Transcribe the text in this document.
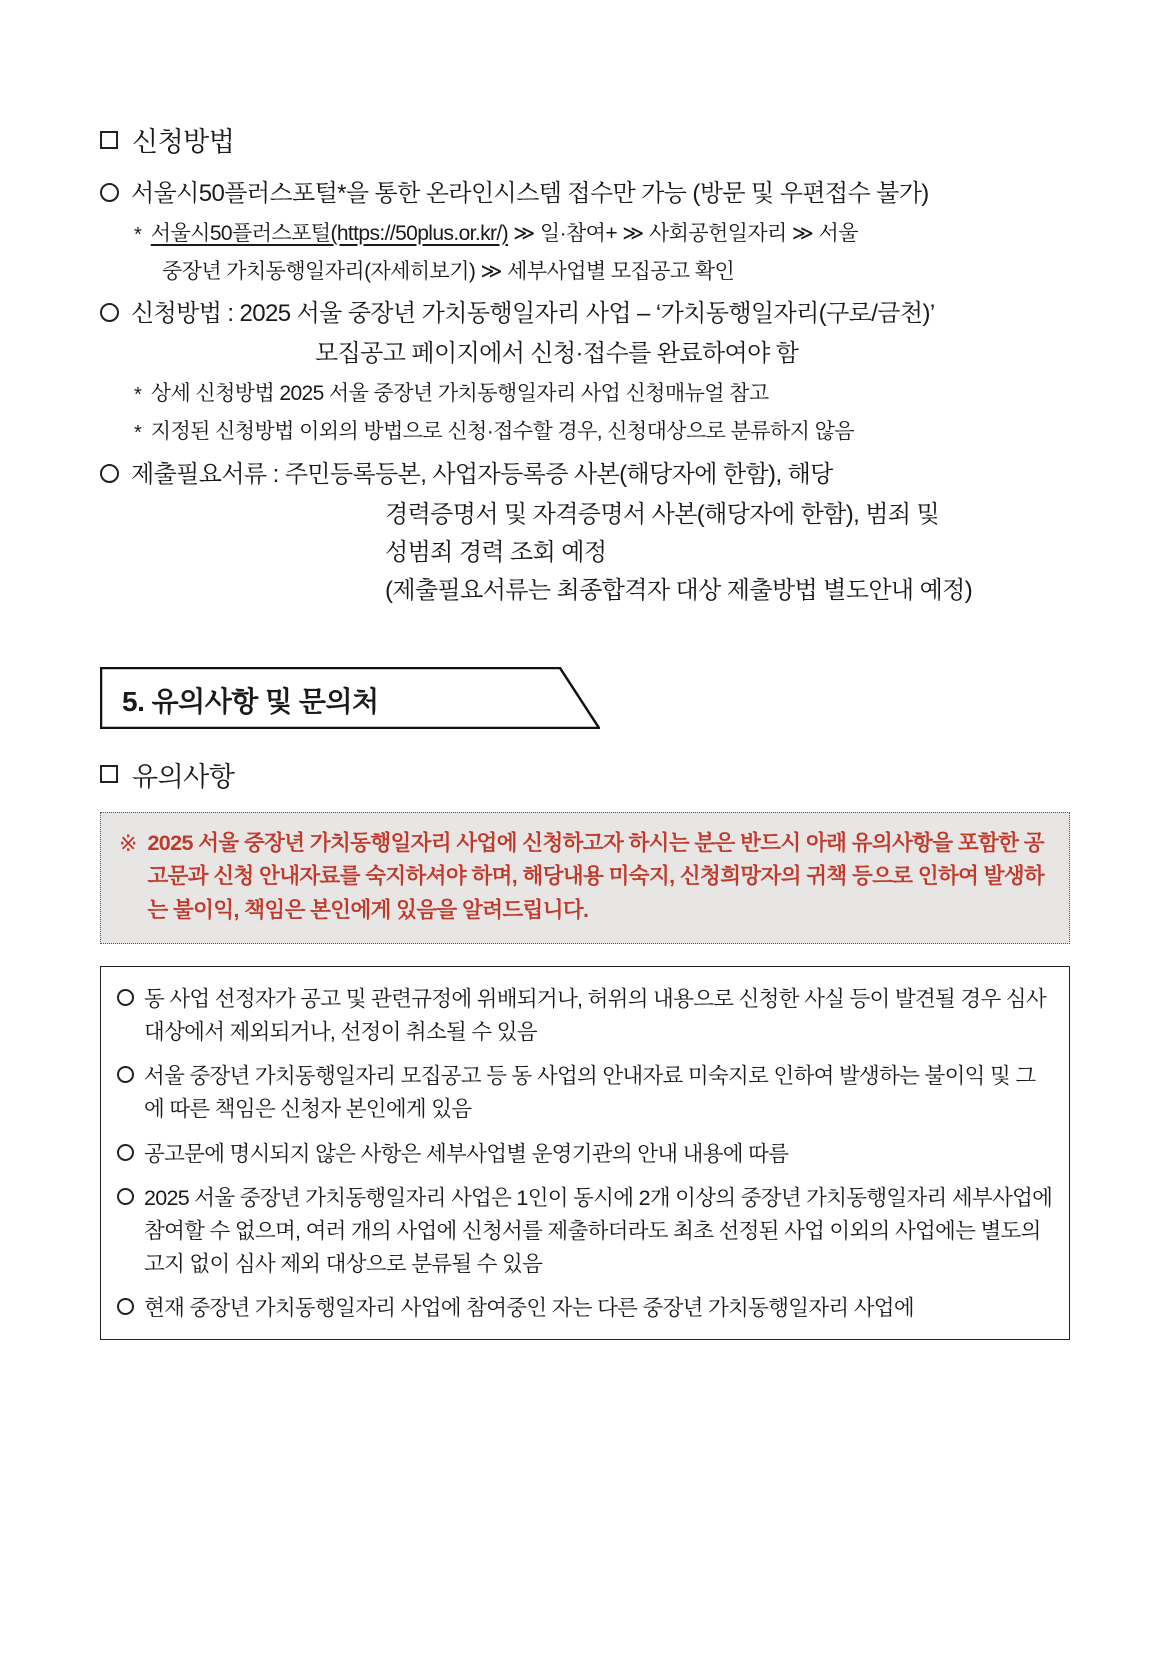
신청방법
서울시50플러스포털*을 통한 온라인시스템 접수만 가능 (방문 및 우편접수 불가)
* 서울시50플러스포털(https://50plus.or.kr/) ≫ 일·참여+ ≫ 사회공헌일자리 ≫ 서울
중장년 가치동행일자리(자세히보기) ≫ 세부사업별 모집공고 확인
신청방법 : 2025 서울 중장년 가치동행일자리 사업 – ‘가치동행일자리(구로/금천)’
모집공고 페이지에서 신청·접수를 완료하여야 함
* 상세 신청방법 2025 서울 중장년 가치동행일자리 사업 신청매뉴얼 참고
* 지정된 신청방법 이외의 방법으로 신청·접수할 경우, 신청대상으로 분류하지 않음
제출필요서류 : 주민등록등본, 사업자등록증 사본(해당자에 한함), 해당
경력증명서 및 자격증명서 사본(해당자에 한함), 범죄 및
성범죄 경력 조회 예정
(제출필요서류는 최종합격자 대상 제출방법 별도안내 예정)
5. 유의사항 및 문의처
유의사항
※ 2025 서울 중장년 가치동행일자리 사업에 신청하고자 하시는 분은 반드시 아래 유의사항을 포함한 공고문과 신청 안내자료를 숙지하셔야 하며, 해당내용 미숙지, 신청희망자의 귀책 등으로 인하여 발생하는 불이익, 책임은 본인에게 있음을 알려드립니다.
동 사업 선정자가 공고 및 관련규정에 위배되거나, 허위의 내용으로 신청한 사실 등이 발견될 경우 심사대상에서 제외되거나, 선정이 취소될 수 있음
서울 중장년 가치동행일자리 모집공고 등 동 사업의 안내자료 미숙지로 인하여 발생하는 불이익 및 그에 따른 책임은 신청자 본인에게 있음
공고문에 명시되지 않은 사항은 세부사업별 운영기관의 안내 내용에 따름
2025 서울 중장년 가치동행일자리 사업은 1인이 동시에 2개 이상의 중장년 가치동행일자리 세부사업에 참여할 수 없으며, 여러 개의 사업에 신청서를 제출하더라도 최초 선정된 사업 이외의 사업에는 별도의 고지 없이 심사 제외 대상으로 분류될 수 있음
현재 중장년 가치동행일자리 사업에 참여중인 자는 다른 중장년 가치동행일자리 사업에
